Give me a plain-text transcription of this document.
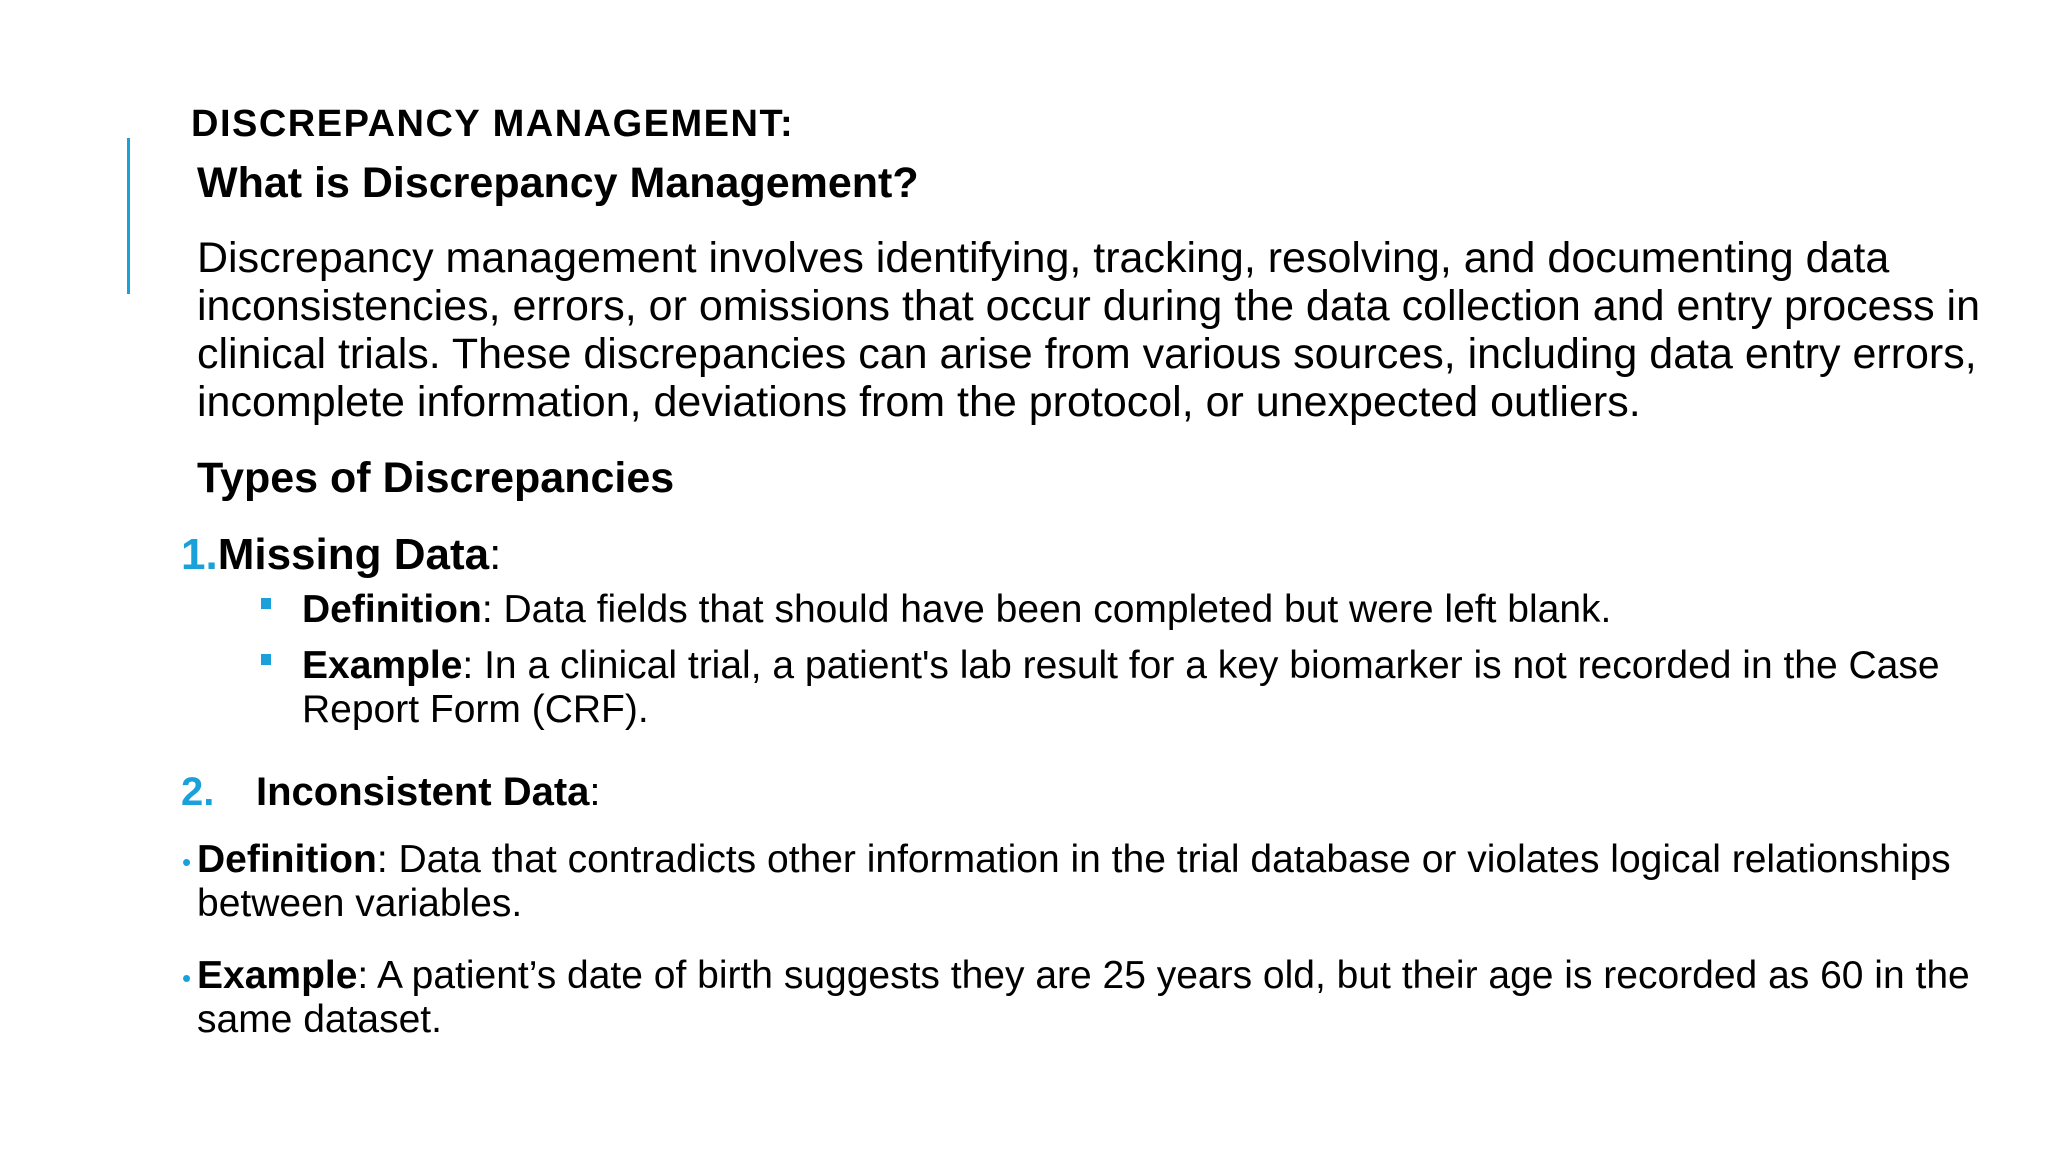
DISCREPANCY MANAGEMENT:
What is Discrepancy Management?
Discrepancy management involves identifying, tracking, resolving, and documenting data inconsistencies, errors, or omissions that occur during the data collection and entry process in clinical trials. These discrepancies can arise from various sources, including data entry errors, incomplete information, deviations from the protocol, or unexpected outliers.
Types of Discrepancies
1.Missing Data:
Definition: Data fields that should have been completed but were left blank.
Example: In a clinical trial, a patient's lab result for a key biomarker is not recorded in the Case Report Form (CRF).
2. Inconsistent Data:
• Definition: Data that contradicts other information in the trial database or violates logical relationships between variables.
• Example: A patient’s date of birth suggests they are 25 years old, but their age is recorded as 60 in the same dataset.
